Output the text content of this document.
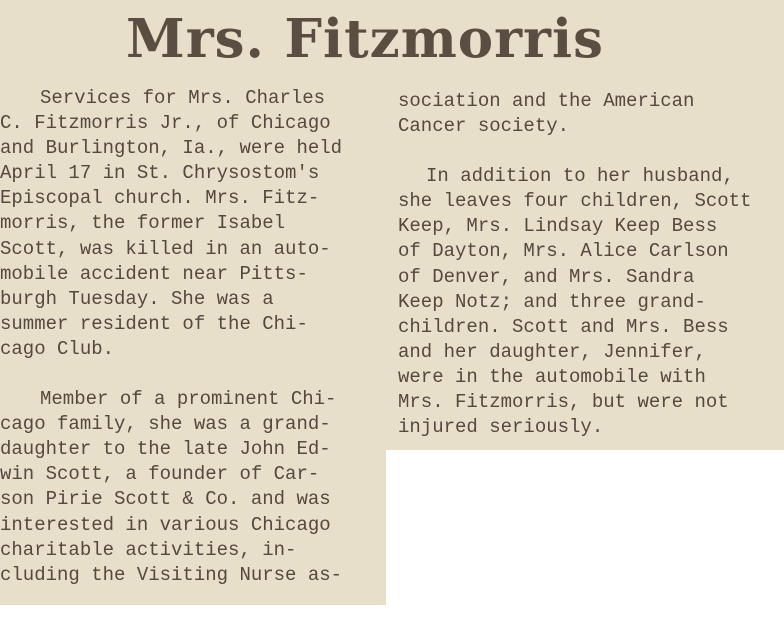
Mrs. Fitzmorris
Services for Mrs. Charles
C. Fitzmorris Jr., of Chicago
and Burlington, Ia., were held
April 17 in St. Chrysostom's
Episcopal church. Mrs. Fitz-
morris, the former Isabel
Scott, was killed in an auto-
mobile accident near Pitts-
burgh Tuesday. She was a
summer resident of the Chi-
cago Club.
Member of a prominent Chi-
cago family, she was a grand-
daughter to the late John Ed-
win Scott, a founder of Car-
son Pirie Scott & Co. and was
interested in various Chicago
charitable activities, in-
cluding the Visiting Nurse as-
sociation and the American
Cancer society.
In addition to her husband,
she leaves four children, Scott
Keep, Mrs. Lindsay Keep Bess
of Dayton, Mrs. Alice Carlson
of Denver, and Mrs. Sandra
Keep Notz; and three grand-
children. Scott and Mrs. Bess
and her daughter, Jennifer,
were in the automobile with
Mrs. Fitzmorris, but were not
injured seriously.
